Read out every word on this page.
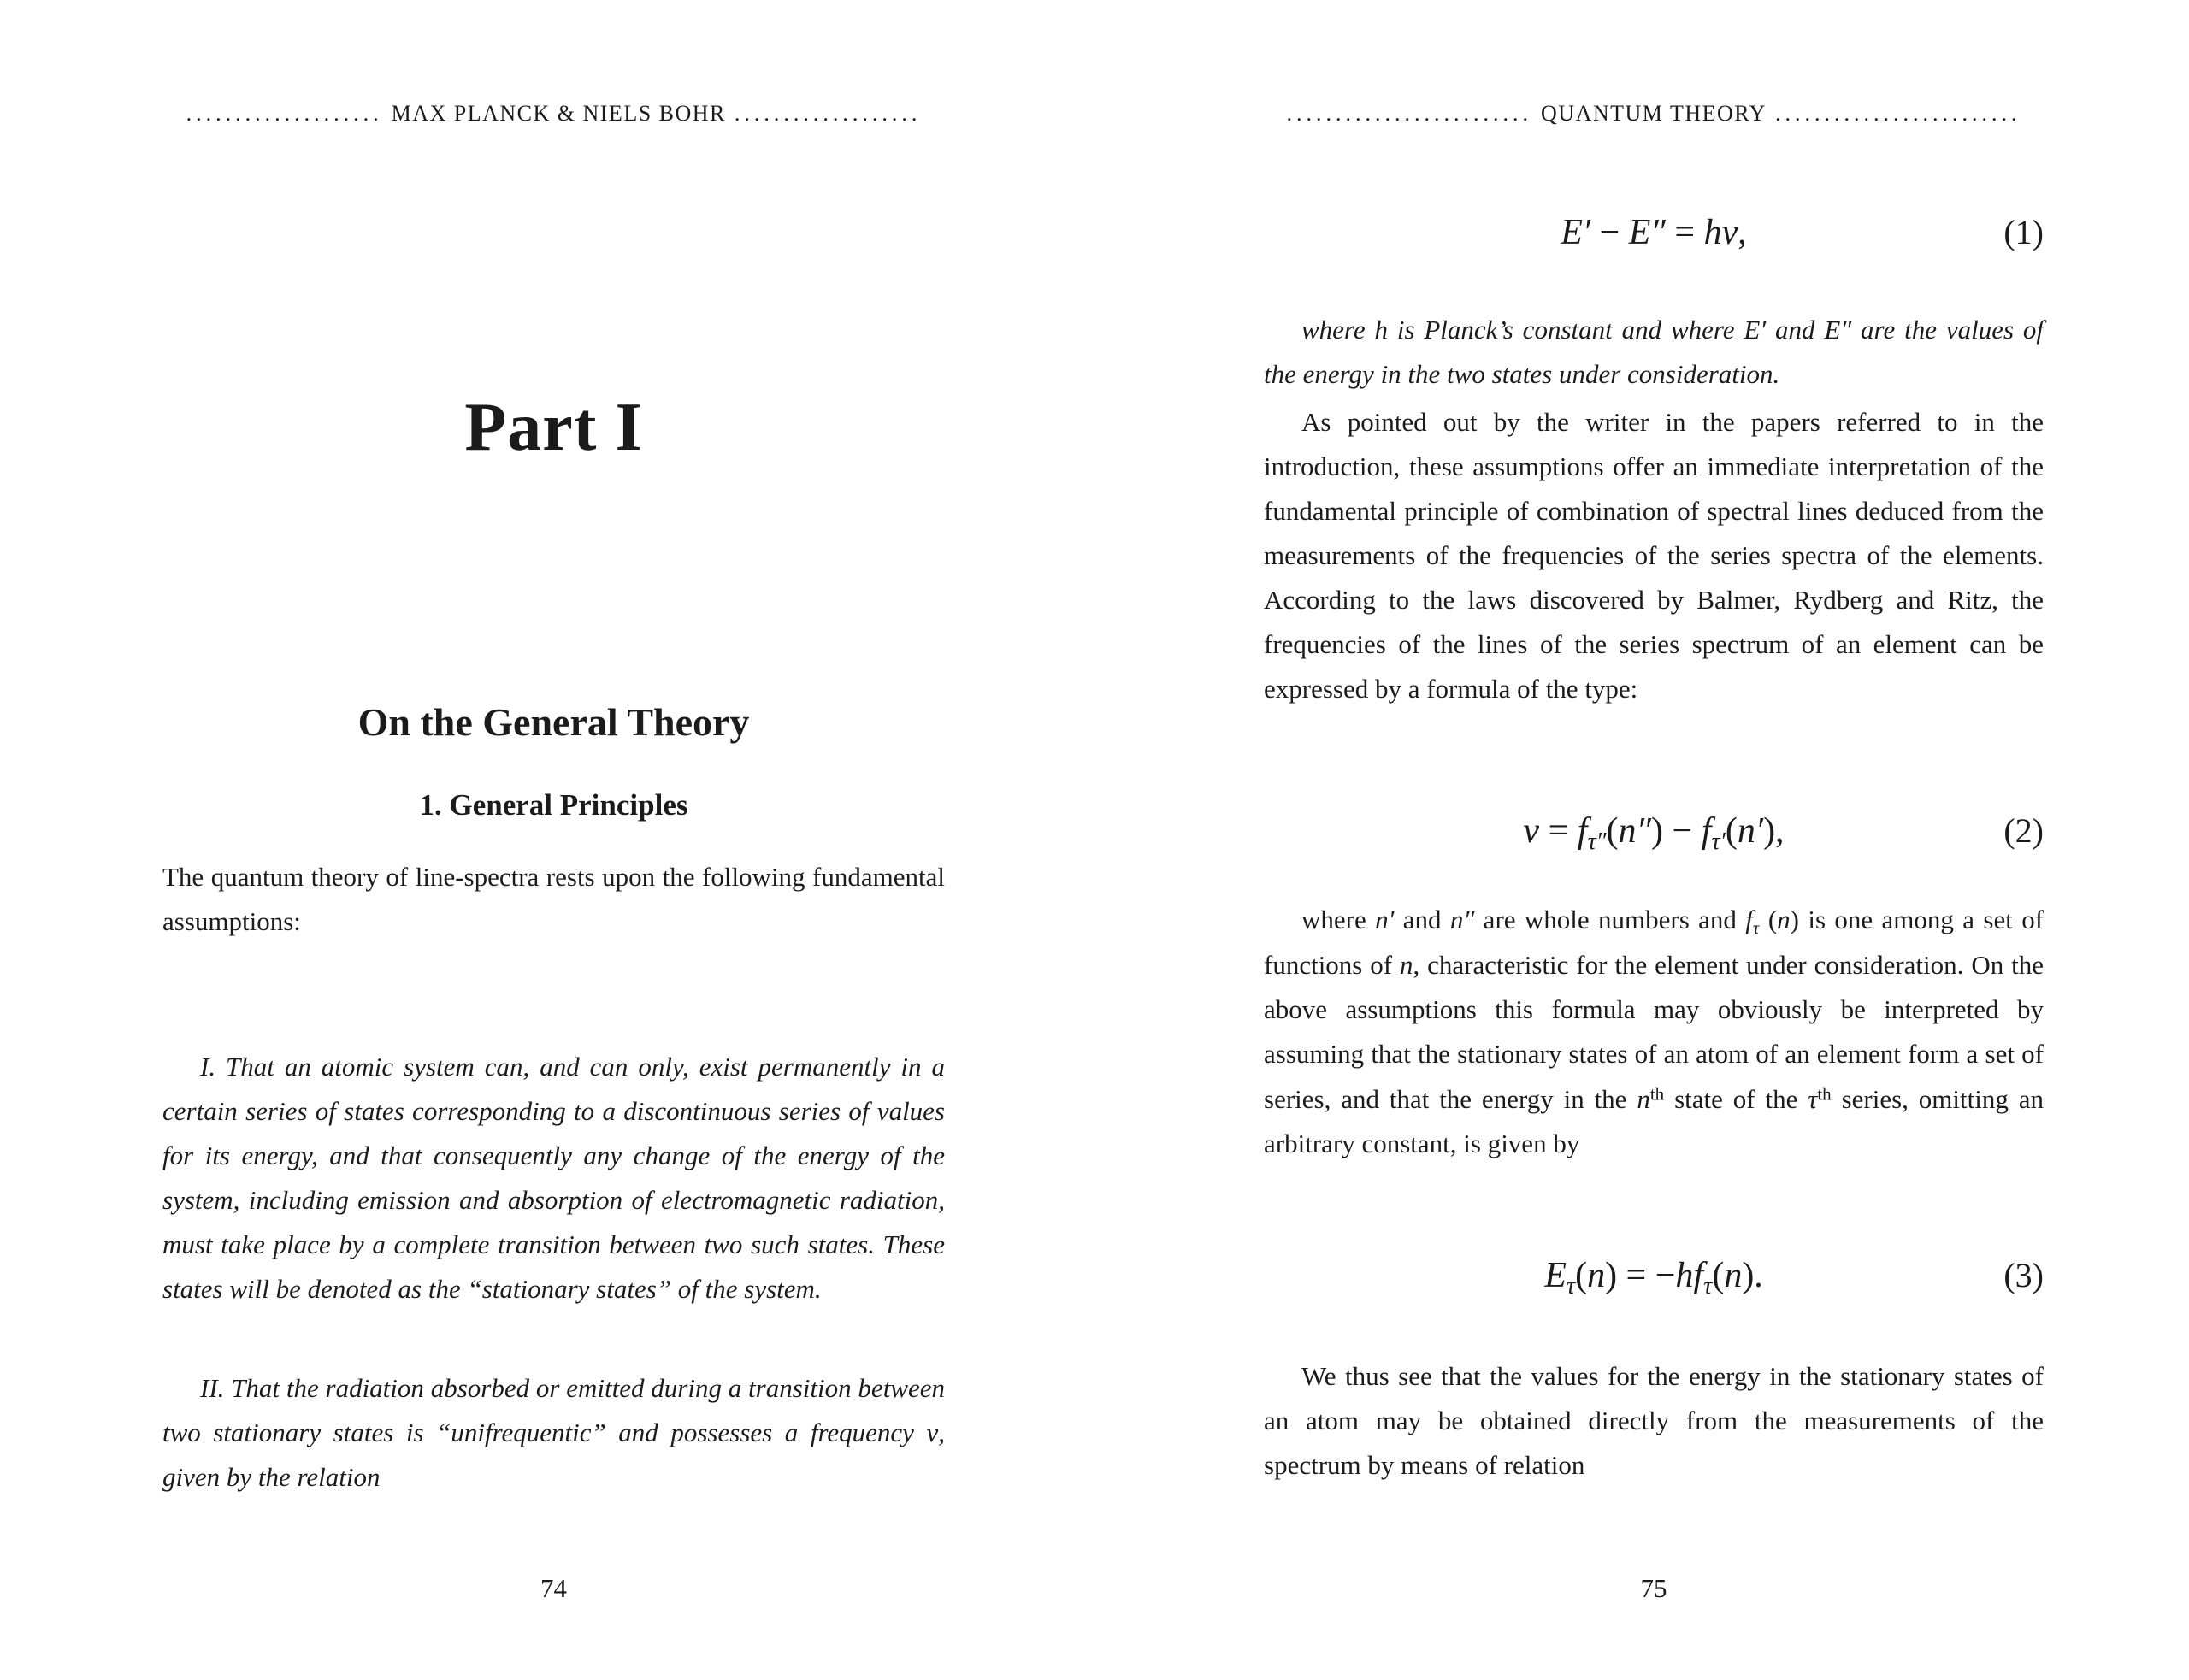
.................... MAX PLANCK & NIELS BOHR ...................
Part I
On the General Theory
1. General Principles

The quantum theory of line-spectra rests upon the following fundamental assumptions:

I. That an atomic system can, and can only, exist permanently in a certain series of states corresponding to a discontinuous series of values for its energy, and that consequently any change of the energy of the system, including emission and absorption of electromagnetic radiation, must take place by a complete transition between two such states. These states will be denoted as the “stationary states” of the system.

II. That the radiation absorbed or emitted during a transition between two stationary states is “unifrequentic” and possesses a frequency ν, given by the relation

74
......................... QUANTUM THEORY .........................
E′ − E″ = hν,	(1)

where h is Planck’s constant and where E′ and E″ are the values of the energy in the two states under consideration.

As pointed out by the writer in the papers referred to in the introduction, these assumptions offer an immediate interpretation of the fundamental principle of combination of spectral lines deduced from the measurements of the frequencies of the series spectra of the elements. According to the laws discovered by Balmer, Rydberg and Ritz, the frequencies of the lines of the series spectrum of an element can be expressed by a formula of the type:

$\nu = f_{\tau''}(n'') - f_{\tau'}(n')$,	(2)

where n′ and n″ are whole numbers and $f_\tau$ (n) is one among a set of functions of n, characteristic for the element under consideration. On the above assumptions this formula may obviously be interpreted by assuming that the stationary states of an atom of an element form a set of series, and that the energy in the $n^{th}$ state of the $\tau^{th}$ series, omitting an arbitrary constant, is given by

$E_\tau(n) = -hf_\tau(n)$.	(3)

We thus see that the values for the energy in the stationary states of an atom may be obtained directly from the measurements of the spectrum by means of relation

75
